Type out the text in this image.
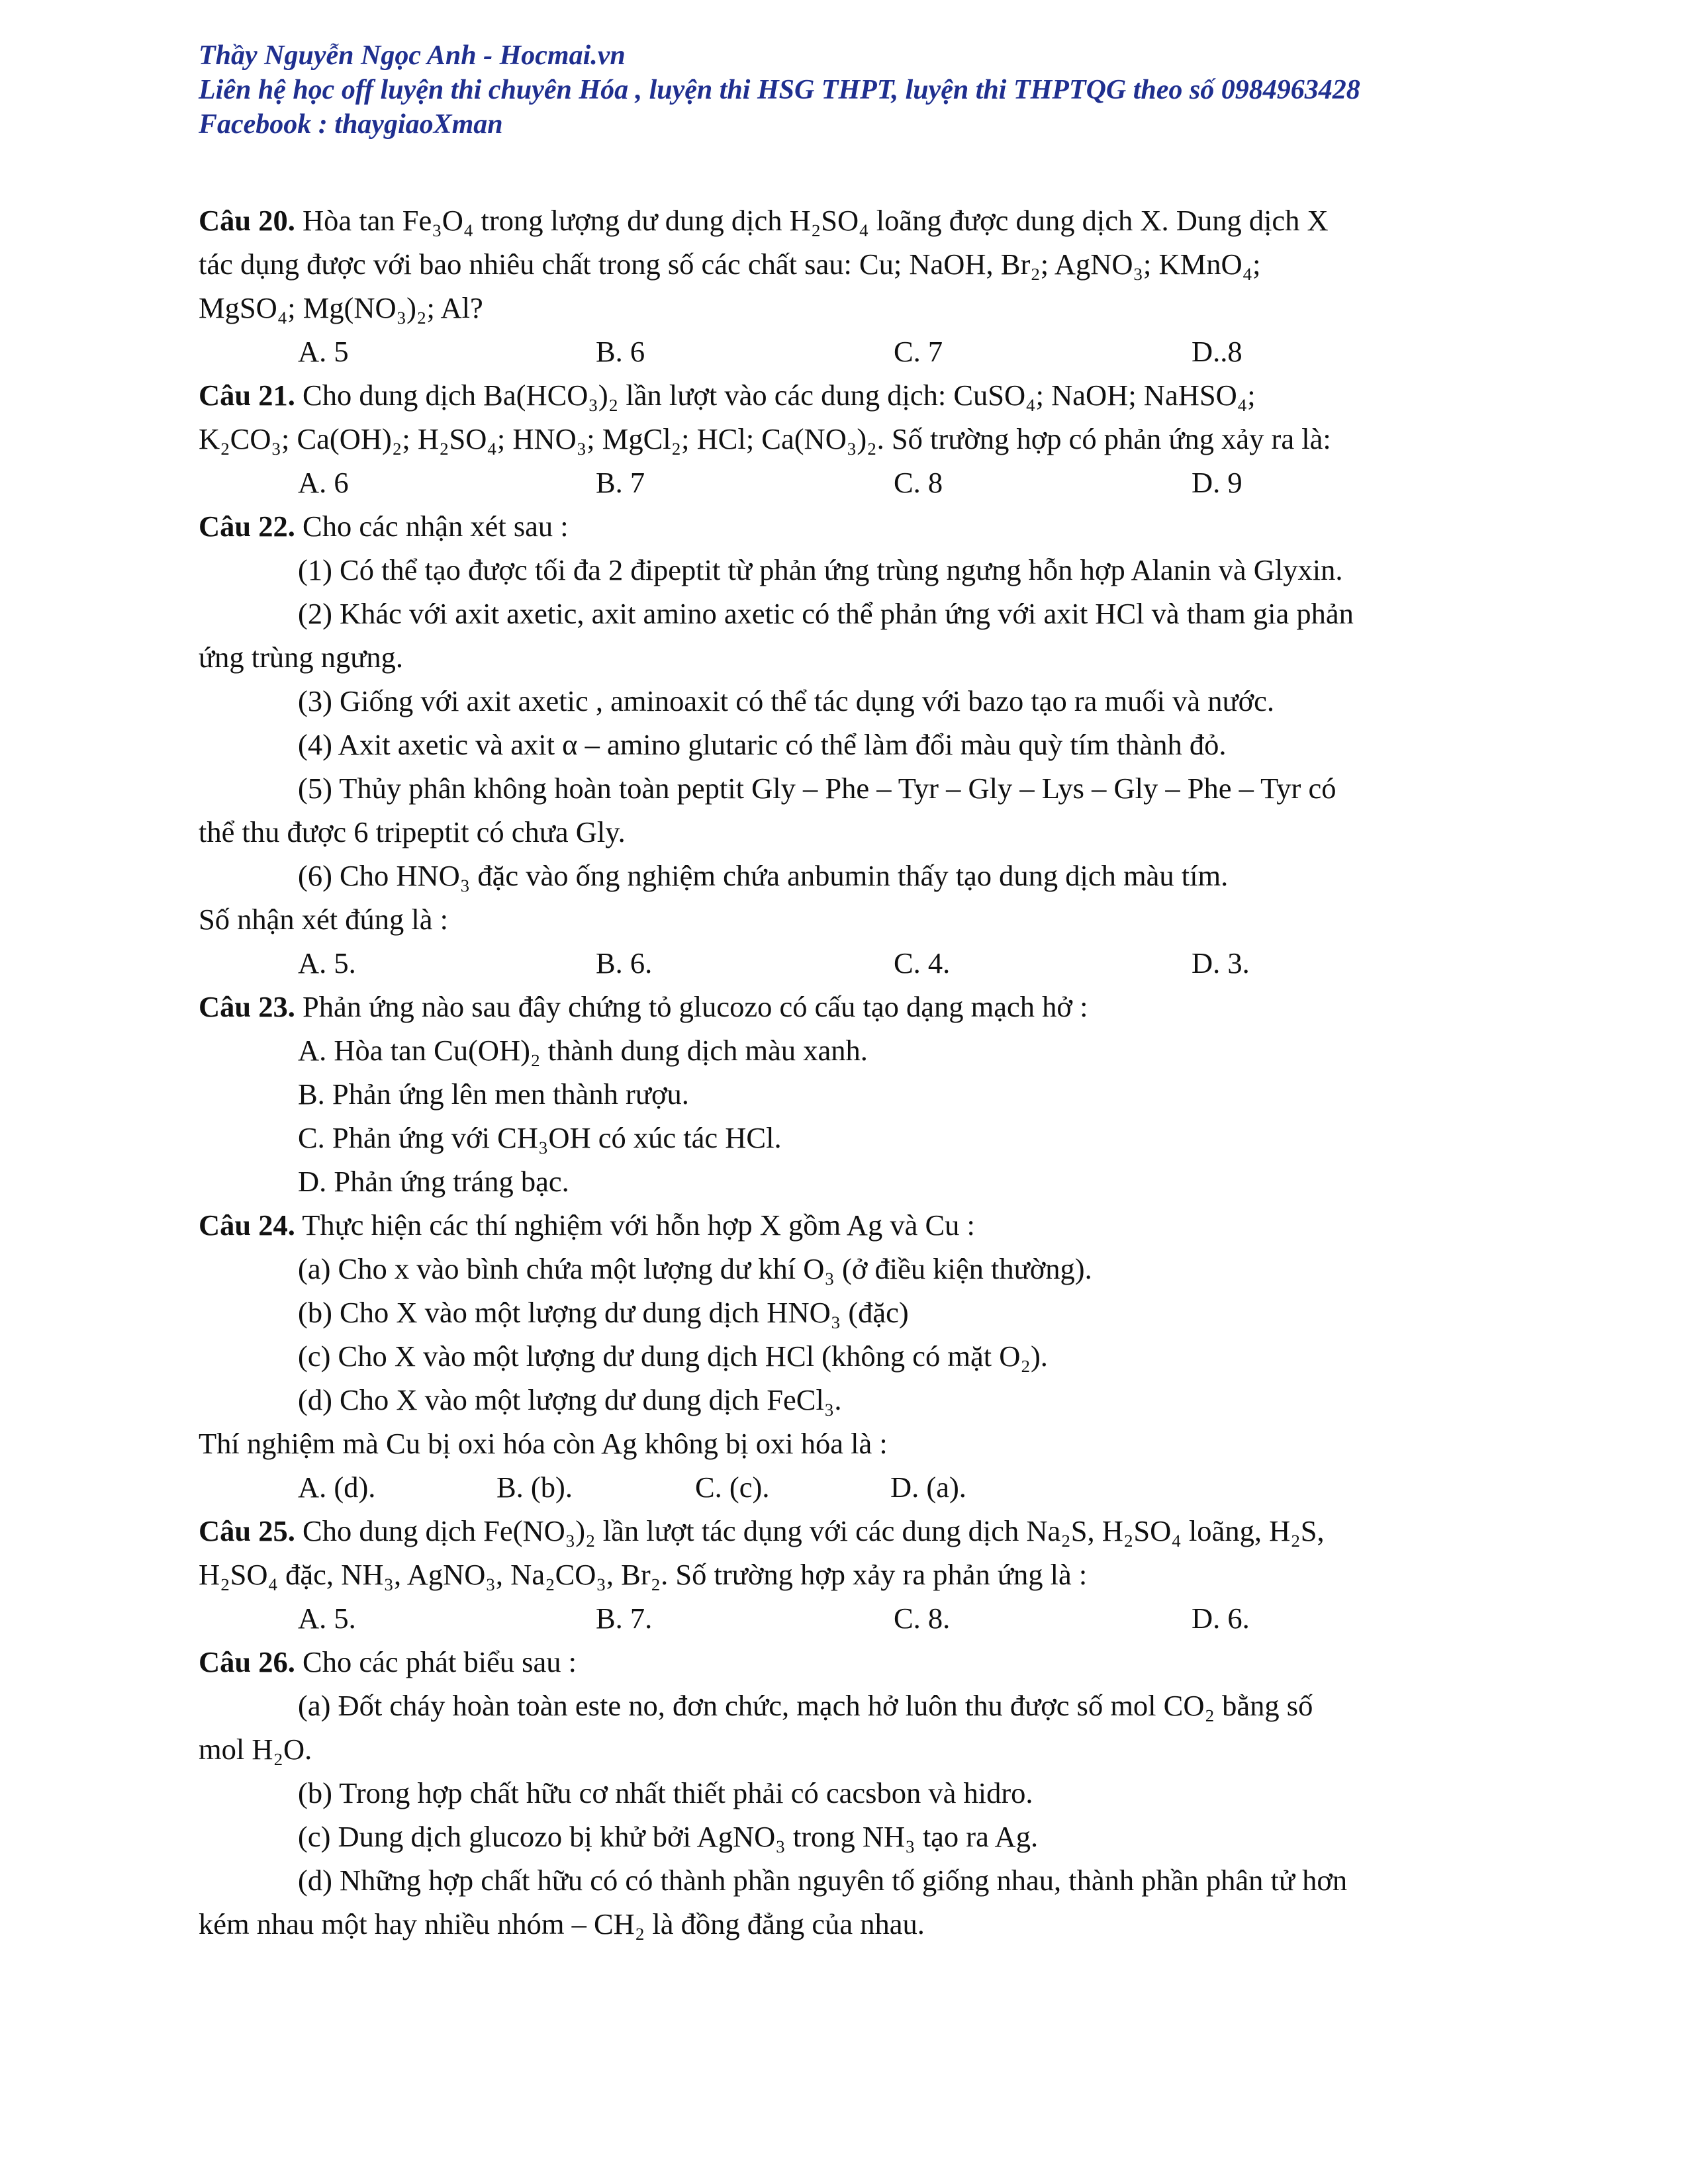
Thầy Nguyễn Ngọc Anh - Hocmai.vn
Liên hệ học off luyện thi chuyên Hóa , luyện thi HSG THPT, luyện thi THPTQG theo số 0984963428
Facebook : thaygiaoXman
Câu 20. Hòa tan Fe₃O₄ trong lượng dư dung dịch H₂SO₄ loãng được dung dịch X. Dung dịch X
tác dụng được với bao nhiêu chất trong số các chất sau: Cu; NaOH, Br₂; AgNO₃; KMnO₄;
MgSO₄; Mg(NO₃)₂; Al?
A. 5	B. 6	C. 7	D..8
Câu 21. Cho dung dịch Ba(HCO₃)₂ lần lượt vào các dung dịch: CuSO₄; NaOH; NaHSO₄;
K₂CO₃; Ca(OH)₂; H₂SO₄; HNO₃; MgCl₂; HCl; Ca(NO₃)₂. Số trường hợp có phản ứng xảy ra là:
A. 6	B. 7	C. 8	D. 9
Câu 22. Cho các nhận xét sau :
(1) Có thể tạo được tối đa 2 đipeptit từ phản ứng trùng ngưng hỗn hợp Alanin và Glyxin.
(2) Khác với axit axetic, axit amino axetic có thể phản ứng với axit HCl và tham gia phản
ứng trùng ngưng.
(3) Giống với axit axetic , aminoaxit có thể tác dụng với bazo tạo ra muối và nước.
(4) Axit axetic và axit α – amino glutaric có thể làm đổi màu quỳ tím thành đỏ.
(5) Thủy phân không hoàn toàn peptit Gly – Phe – Tyr – Gly – Lys – Gly – Phe – Tyr có
thể thu được 6 tripeptit có chưa Gly.
(6) Cho HNO₃ đặc vào ống nghiệm chứa anbumin thấy tạo dung dịch màu tím.
Số nhận xét đúng là :
A. 5.	B. 6.	C. 4.	D. 3.
Câu 23. Phản ứng nào sau đây chứng tỏ glucozo có cấu tạo dạng mạch hở :
A. Hòa tan Cu(OH)₂ thành dung dịch màu xanh.
B. Phản ứng lên men thành rượu.
C. Phản ứng với CH₃OH có xúc tác HCl.
D. Phản ứng tráng bạc.
Câu 24. Thực hiện các thí nghiệm với hỗn hợp X gồm Ag và Cu :
(a) Cho x vào bình chứa một lượng dư khí O₃ (ở điều kiện thường).
(b) Cho X vào một lượng dư dung dịch HNO₃ (đặc)
(c) Cho X vào một lượng dư dung dịch HCl (không có mặt O₂).
(d) Cho X vào một lượng dư dung dịch FeCl₃.
Thí nghiệm mà Cu bị oxi hóa còn Ag không bị oxi hóa là :
A. (d).	B. (b).	C. (c).	D. (a).
Câu 25. Cho dung dịch Fe(NO₃)₂ lần lượt tác dụng với các dung dịch Na₂S, H₂SO₄ loãng, H₂S,
H₂SO₄ đặc, NH₃, AgNO₃, Na₂CO₃, Br₂. Số trường hợp xảy ra phản ứng là :
A. 5.	B. 7.	C. 8.	D. 6.
Câu 26. Cho các phát biểu sau :
(a) Đốt cháy hoàn toàn este no, đơn chức, mạch hở luôn thu được số mol CO₂ bằng số
mol H₂O.
(b) Trong hợp chất hữu cơ nhất thiết phải có cacsbon và hidro.
(c) Dung dịch glucozo bị khử bởi AgNO₃ trong NH₃ tạo ra Ag.
(d) Những hợp chất hữu có có thành phần nguyên tố giống nhau, thành phần phân tử hơn
kém nhau một hay nhiều nhóm – CH₂ là đồng đẳng của nhau.
